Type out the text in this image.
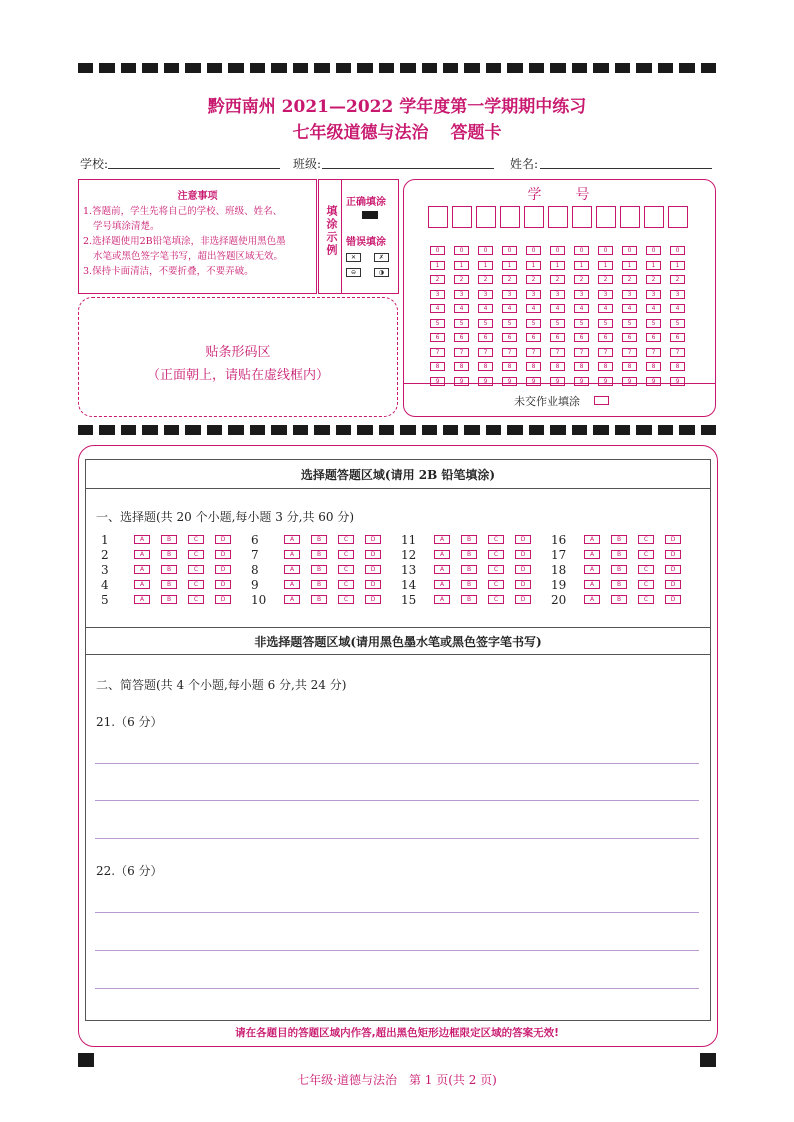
黔西南州 2021—2022 学年度第一学期期中练习
七年级道德与法治 答题卡
学校:	班级:	姓名:
注意事项
1.答题前，学生先将自己的学校、班级、姓名、
学号填涂清楚。
2.选择题使用2B铅笔填涂，非选择题使用黑色墨
水笔或黑色签字笔书写，超出答题区域无效。
3.保持卡面清洁，不要折叠，不要弄破。
填涂示例
正确填涂
错误填涂
✕	✗
⊖	◑
贴条形码区
（正面朝上，请贴在虚线框内）
学　　号
0	0	0	0	0	0	0	0	0	0	0
1	1	1	1	1	1	1	1	1	1	1
2	2	2	2	2	2	2	2	2	2	2
3	3	3	3	3	3	3	3	3	3	3
4	4	4	4	4	4	4	4	4	4	4
5	5	5	5	5	5	5	5	5	5	5
6	6	6	6	6	6	6	6	6	6	6
7	7	7	7	7	7	7	7	7	7	7
8	8	8	8	8	8	8	8	8	8	8
9	9	9	9	9	9	9	9	9	9	9
未交作业填涂
选择题答题区域(请用 2B 铅笔填涂)
一、选择题(共 20 个小题,每小题 3 分,共 60 分)
1	A	B	C	D
2	A	B	C	D
3	A	B	C	D
4	A	B	C	D
5	A	B	C	D
6	A	B	C	D
7	A	B	C	D
8	A	B	C	D
9	A	B	C	D
10	A	B	C	D
11	A	B	C	D
12	A	B	C	D
13	A	B	C	D
14	A	B	C	D
15	A	B	C	D
16	A	B	C	D
17	A	B	C	D
18	A	B	C	D
19	A	B	C	D
20	A	B	C	D
非选择题答题区域(请用黑色墨水笔或黑色签字笔书写)
二、简答题(共 4 个小题,每小题 6 分,共 24 分)
21.（6 分）
22.（6 分）
请在各题目的答题区域内作答,超出黑色矩形边框限定区域的答案无效!
七年级·道德与法治　第 1 页(共 2 页)
